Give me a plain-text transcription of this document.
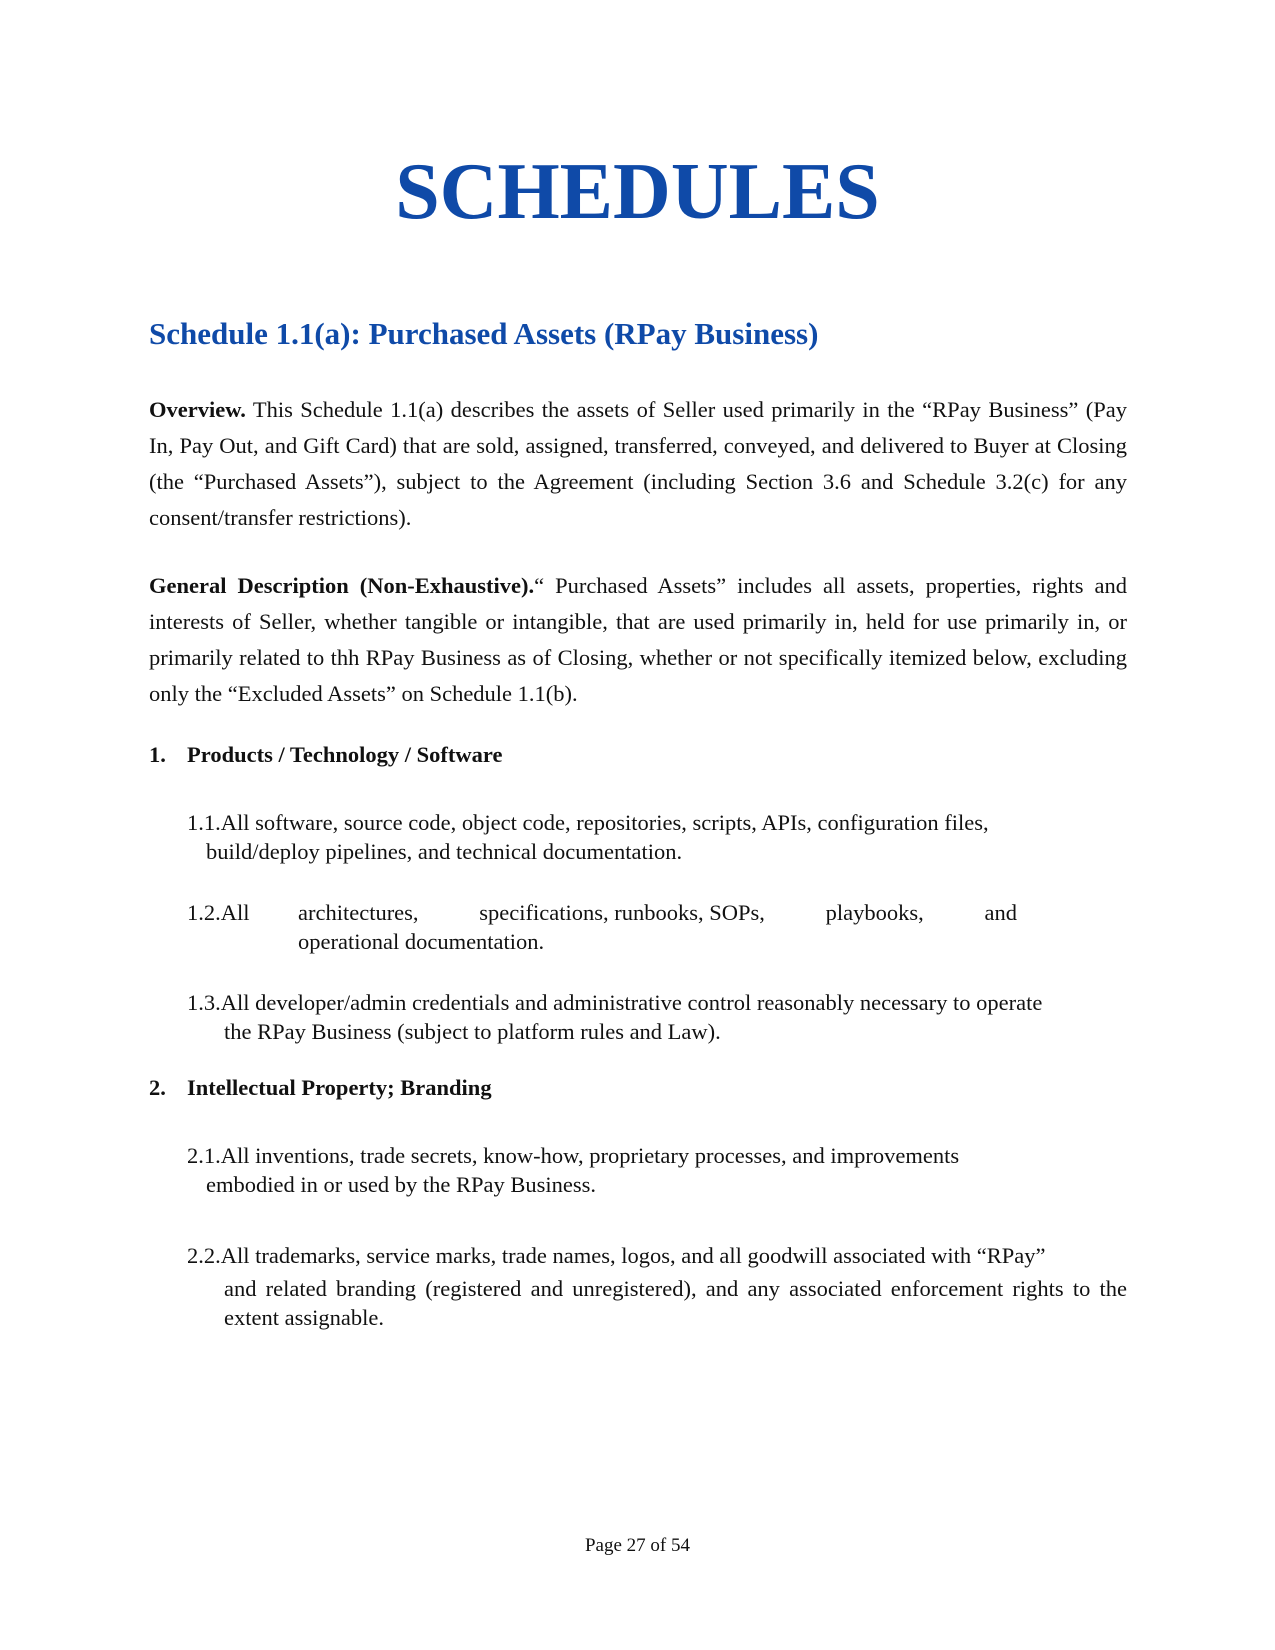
SCHEDULES
Schedule 1.1(a): Purchased Assets (RPay Business)
Overview. This Schedule 1.1(a) describes the assets of Seller used primarily in the “RPay Business” (Pay In, Pay Out, and Gift Card) that are sold, assigned, transferred, conveyed, and delivered to Buyer at Closing (the “Purchased Assets”), subject to the Agreement (including Section 3.6 and Schedule 3.2(c) for any consent/transfer restrictions).
General Description (Non-Exhaustive).“ Purchased Assets” includes all assets, properties, rights and interests of Seller, whether tangible or intangible, that are used primarily in, held for use primarily in, or primarily related to thh RPay Business as of Closing, whether or not specifically itemized below, excluding only the “Excluded Assets” on Schedule 1.1(b).
1. Products / Technology / Software
1.1.All software, source code, object code, repositories, scripts, APIs, configuration files,
build/deploy pipelines, and technical documentation.
1.2.All	architectures,	specifications, runbooks, SOPs,	playbooks,	and
operational documentation.
1.3.All developer/admin credentials and administrative control reasonably necessary to operate
the RPay Business (subject to platform rules and Law).
2. Intellectual Property; Branding
2.1.All inventions, trade secrets, know-how, proprietary processes, and improvements
embodied in or used by the RPay Business.
2.2.All trademarks, service marks, trade names, logos, and all goodwill associated with “RPay”
and related branding (registered and unregistered), and any associated enforcement rights to the extent assignable.
Page 27 of 54
